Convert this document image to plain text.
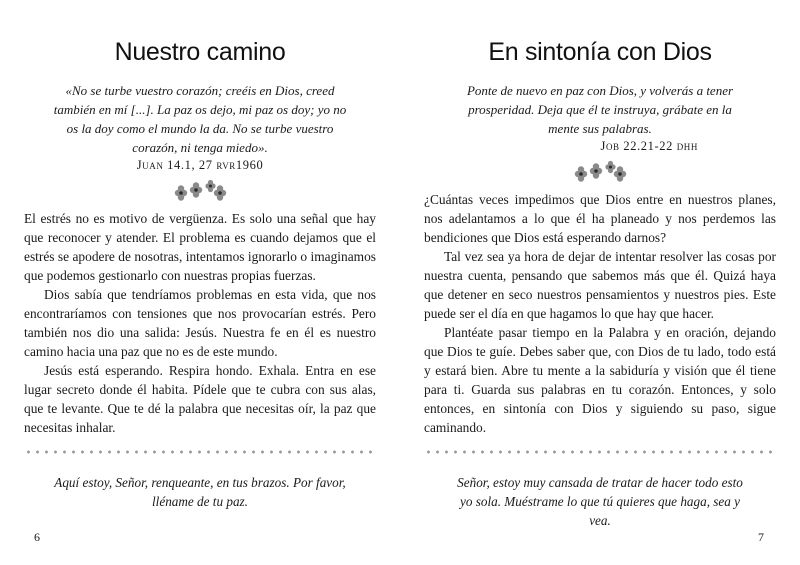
Nuestro camino
«No se turbe vuestro corazón; creéis en Dios, creed también en mí [...]. La paz os dejo, mi paz os doy; yo no os la doy como el mundo la da. No se turbe vuestro corazón, ni tenga miedo».
Juan 14.1, 27 rvr1960

El estrés no es motivo de vergüenza. Es solo una señal que hay que reconocer y atender. El problema es cuando dejamos que el estrés se apodere de nosotras, intentamos ignorarlo o imaginamos que podemos gestionarlo con nuestras propias fuerzas.

Dios sabía que tendríamos problemas en esta vida, que nos encontraríamos con tensiones que nos provocarían estrés. Pero también nos dio una salida: Jesús. Nuestra fe en él es nuestro camino hacia una paz que no es de este mundo.

Jesús está esperando. Respira hondo. Exhala. Entra en ese lugar secreto donde él habita. Pídele que te cubra con sus alas, que te levante. Que te dé la palabra que necesitas oír, la paz que necesitas inhalar.

Aquí estoy, Señor, renqueante, en tus brazos. Por favor, lléname de tu paz.
6
En sintonía con Dios
Ponte de nuevo en paz con Dios, y volverás a tener prosperidad. Deja que él te instruya, grábate en la mente sus palabras.
Job 22.21-22 dhh

¿Cuántas veces impedimos que Dios entre en nuestros planes, nos adelantamos a lo que él ha planeado y nos perdemos las bendiciones que Dios está esperando darnos?

Tal vez sea ya hora de dejar de intentar resolver las cosas por nuestra cuenta, pensando que sabemos más que él. Quizá haya que detener en seco nuestros pensamientos y nuestros pies. Este puede ser el día en que hagamos lo que hay que hacer.

Plantéate pasar tiempo en la Palabra y en oración, dejando que Dios te guíe. Debes saber que, con Dios de tu lado, todo está y estará bien. Abre tu mente a la sabiduría y visión que él tiene para ti. Guarda sus palabras en tu corazón. Entonces, y solo entonces, en sintonía con Dios y siguiendo su paso, sigue caminando.

Señor, estoy muy cansada de tratar de hacer todo esto yo sola. Muéstrame lo que tú quieres que haga, sea y vea.
7
